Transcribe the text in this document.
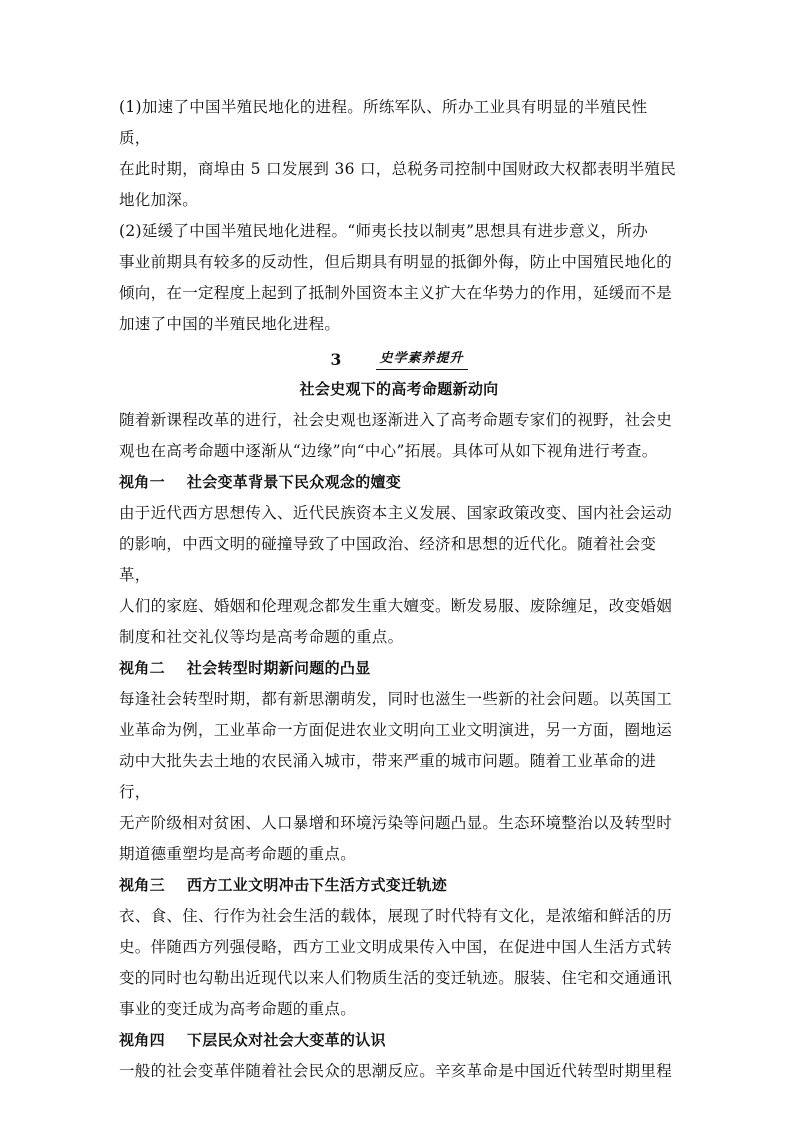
(1)加速了中国半殖民地化的进程。所练军队、所办工业具有明显的半殖民性质，

在此时期，商埠由 5 口发展到 36 口，总税务司控制中国财政大权都表明半殖民

地化加深。

(2)延缓了中国半殖民地化进程。“师夷长技以制夷”思想具有进步意义，所办

事业前期具有较多的反动性，但后期具有明显的抵御外侮，防止中国殖民地化的

倾向，在一定程度上起到了抵制外国资本主义扩大在华势力的作用，延缓而不是

加速了中国的半殖民地化进程。

3	史学素养提升

社会史观下的高考命题新动向

随着新课程改革的进行，社会史观也逐渐进入了高考命题专家们的视野，社会史

观也在高考命题中逐渐从“边缘”向“中心”拓展。具体可从如下视角进行考查。

视角一 社会变革背景下民众观念的嬗变

由于近代西方思想传入、近代民族资本主义发展、国家政策改变、国内社会运动

的影响，中西文明的碰撞导致了中国政治、经济和思想的近代化。随着社会变革，

人们的家庭、婚姻和伦理观念都发生重大嬗变。断发易服、废除缠足，改变婚姻

制度和社交礼仪等均是高考命题的重点。

视角二 社会转型时期新问题的凸显

每逢社会转型时期，都有新思潮萌发，同时也滋生一些新的社会问题。以英国工

业革命为例，工业革命一方面促进农业文明向工业文明演进，另一方面，圈地运

动中大批失去土地的农民涌入城市，带来严重的城市问题。随着工业革命的进行，

无产阶级相对贫困、人口暴增和环境污染等问题凸显。生态环境整治以及转型时

期道德重塑均是高考命题的重点。

视角三 西方工业文明冲击下生活方式变迁轨迹

衣、食、住、行作为社会生活的载体，展现了时代特有文化，是浓缩和鲜活的历

史。伴随西方列强侵略，西方工业文明成果传入中国，在促进中国人生活方式转

变的同时也勾勒出近现代以来人们物质生活的变迁轨迹。服装、住宅和交通通讯

事业的变迁成为高考命题的重点。

视角四 下层民众对社会大变革的认识

一般的社会变革伴随着社会民众的思潮反应。辛亥革命是中国近代转型时期里程
